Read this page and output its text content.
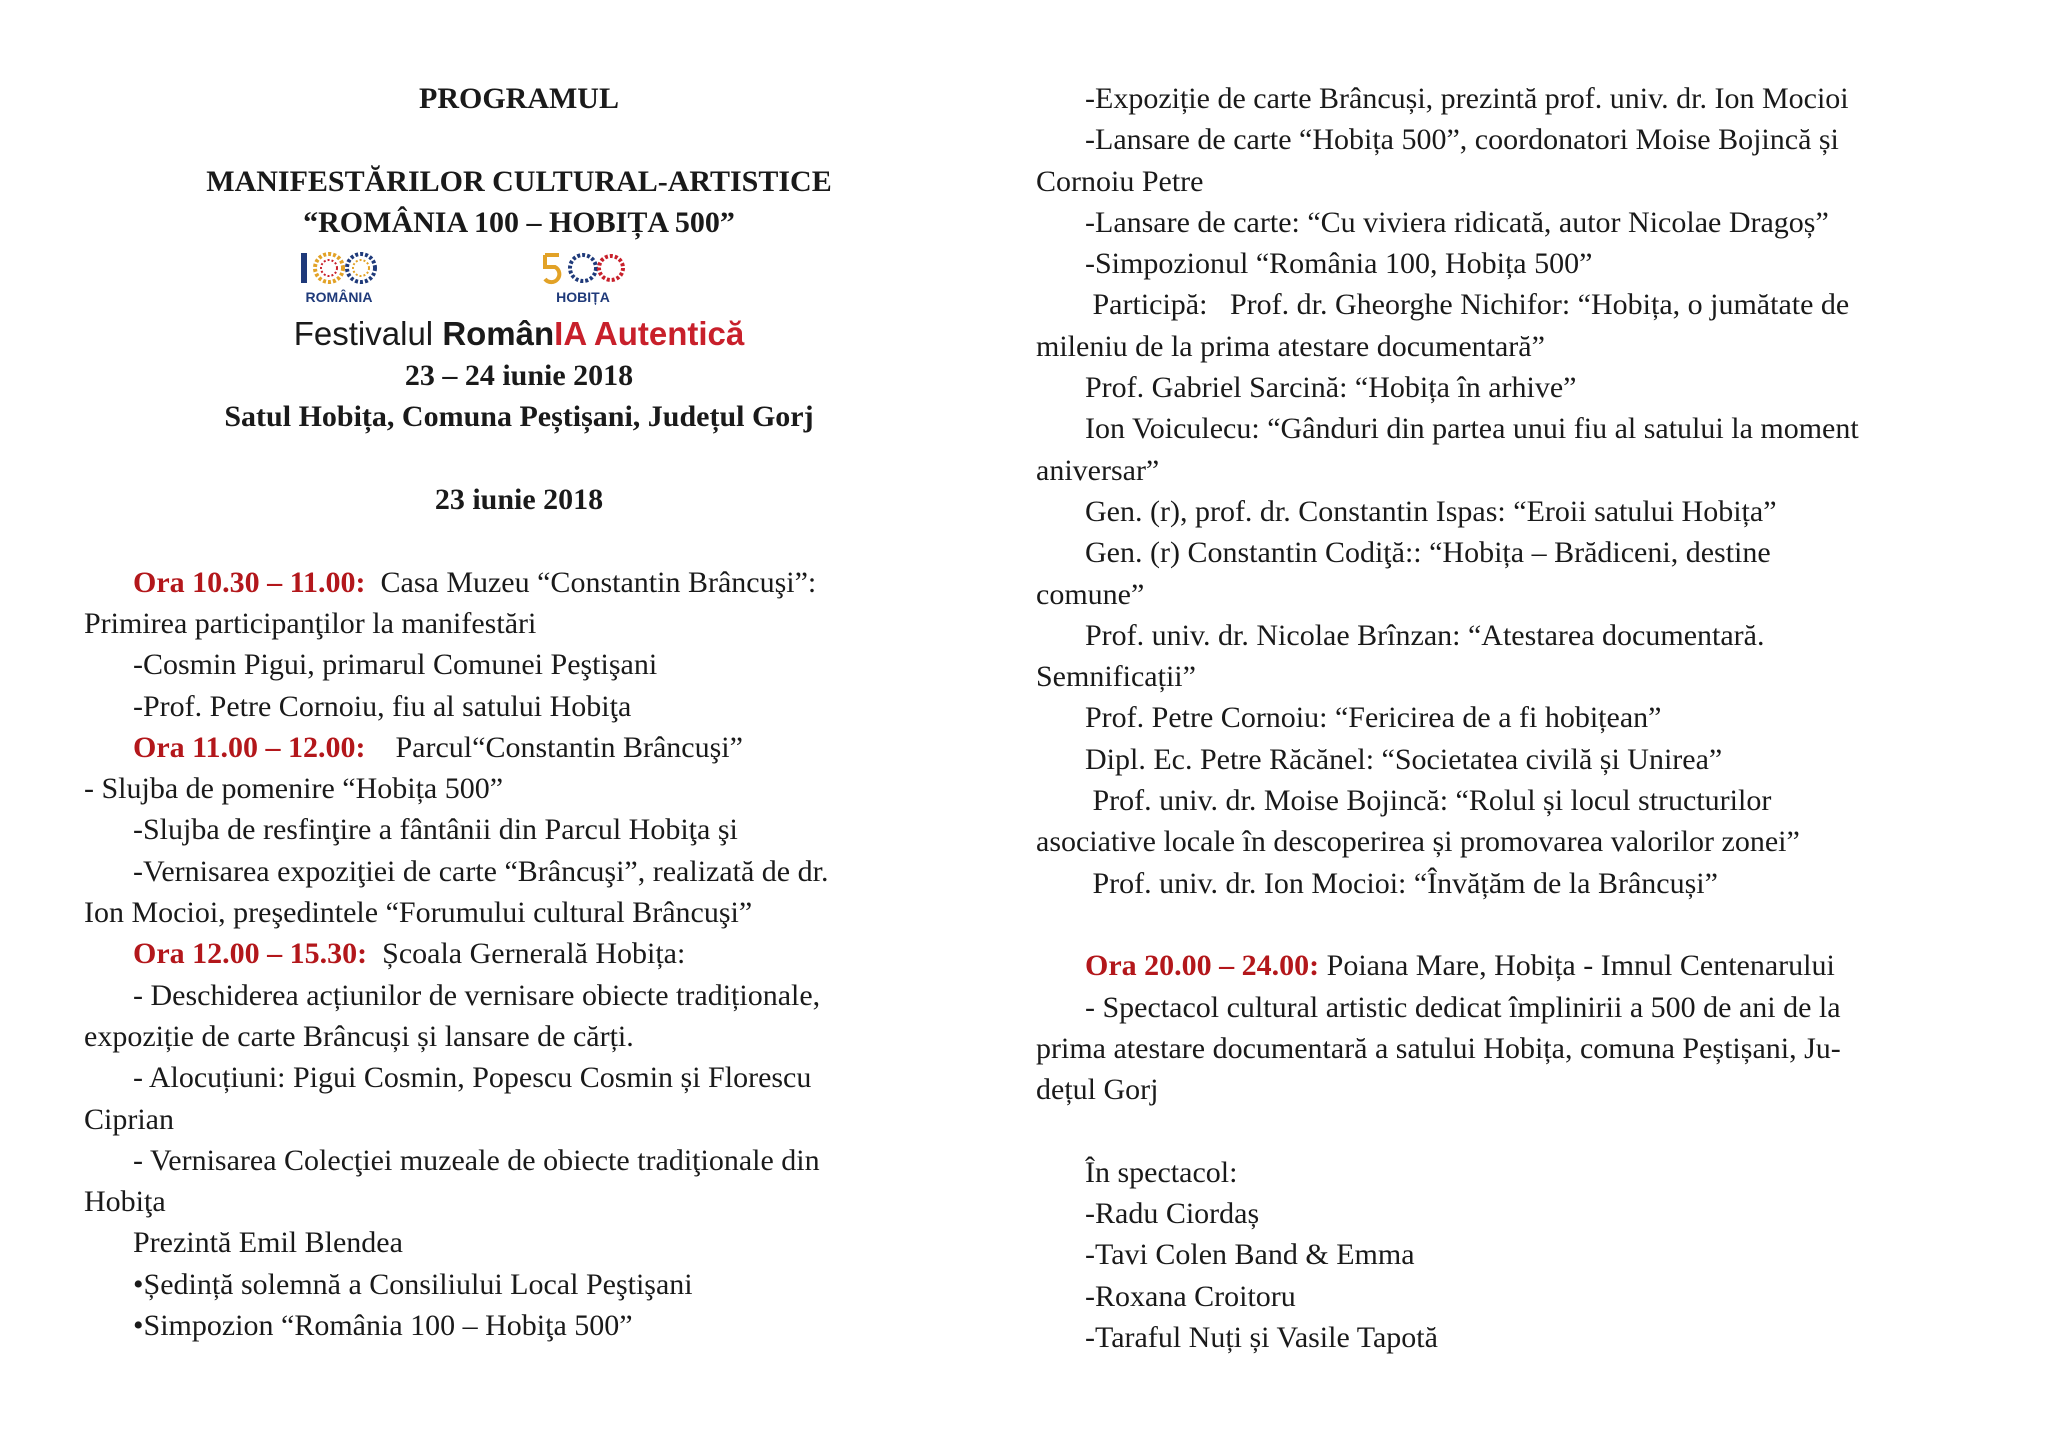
PROGRAMUL
MANIFESTĂRILOR CULTURAL-ARTISTICE
“ROMÂNIA 100 – HOBIȚA 500”
ROMÂNIA	HOBIȚA
Festivalul RomânIA Autentică
23 – 24 iunie 2018
Satul Hobița, Comuna Peștișani, Județul Gorj
23 iunie 2018
Ora 10.30 – 11.00:  Casa Muzeu “Constantin Brâncuşi”:
Primirea participanţilor la manifestări
-Cosmin Pigui, primarul Comunei Peştişani
-Prof. Petre Cornoiu, fiu al satului Hobiţa
Ora 11.00 – 12.00:    Parcul“Constantin Brâncuşi”
- Slujba de pomenire “Hobița 500”
-Slujba de resfinţire a fântânii din Parcul Hobiţa şi
-Vernisarea expoziţiei de carte “Brâncuşi”, realizată de dr.
Ion Mocioi, preşedintele “Forumului cultural Brâncuşi”
Ora 12.00 – 15.30:  Școala Gernerală Hobița:
- Deschiderea acțiunilor de vernisare obiecte tradiționale,
expoziție de carte Brâncuși și lansare de cărți.
- Alocuțiuni: Pigui Cosmin, Popescu Cosmin și Florescu
Ciprian
- Vernisarea Colecţiei muzeale de obiecte tradiţionale din
Hobiţa
Prezintă Emil Blendea
•Ședință solemnă a Consiliului Local Peştişani
•Simpozion “România 100 – Hobiţa 500”
-Expoziție de carte Brâncuși, prezintă prof. univ. dr. Ion Mocioi
-Lansare de carte “Hobița 500”, coordonatori Moise Bojincă și
Cornoiu Petre
-Lansare de carte: “Cu viviera ridicată, autor Nicolae Dragoș”
-Simpozionul “România 100, Hobița 500”
Participă:   Prof. dr. Gheorghe Nichifor: “Hobița, o jumătate de
mileniu de la prima atestare documentară”
Prof. Gabriel Sarcină: “Hobița în arhive”
Ion Voiculecu: “Gânduri din partea unui fiu al satului la moment
aniversar”
Gen. (r), prof. dr. Constantin Ispas: “Eroii satului Hobița”
Gen. (r) Constantin Codiţă:: “Hobița – Brădiceni, destine
comune”
Prof. univ. dr. Nicolae Brînzan: “Atestarea documentară.
Semnificații”
Prof. Petre Cornoiu: “Fericirea de a fi hobițean”
Dipl. Ec. Petre Răcănel: “Societatea civilă și Unirea”
Prof. univ. dr. Moise Bojincă: “Rolul și locul structurilor
asociative locale în descoperirea și promovarea valorilor zonei”
Prof. univ. dr. Ion Mocioi: “Învățăm de la Brâncuși”
Ora 20.00 – 24.00: Poiana Mare, Hobița - Imnul Centenarului
- Spectacol cultural artistic dedicat împlinirii a 500 de ani de la
prima atestare documentară a satului Hobița, comuna Peștișani, Ju-
dețul Gorj
În spectacol:
-Radu Ciordaș
-Tavi Colen Band & Emma
-Roxana Croitoru
-Taraful Nuți și Vasile Tapotă
